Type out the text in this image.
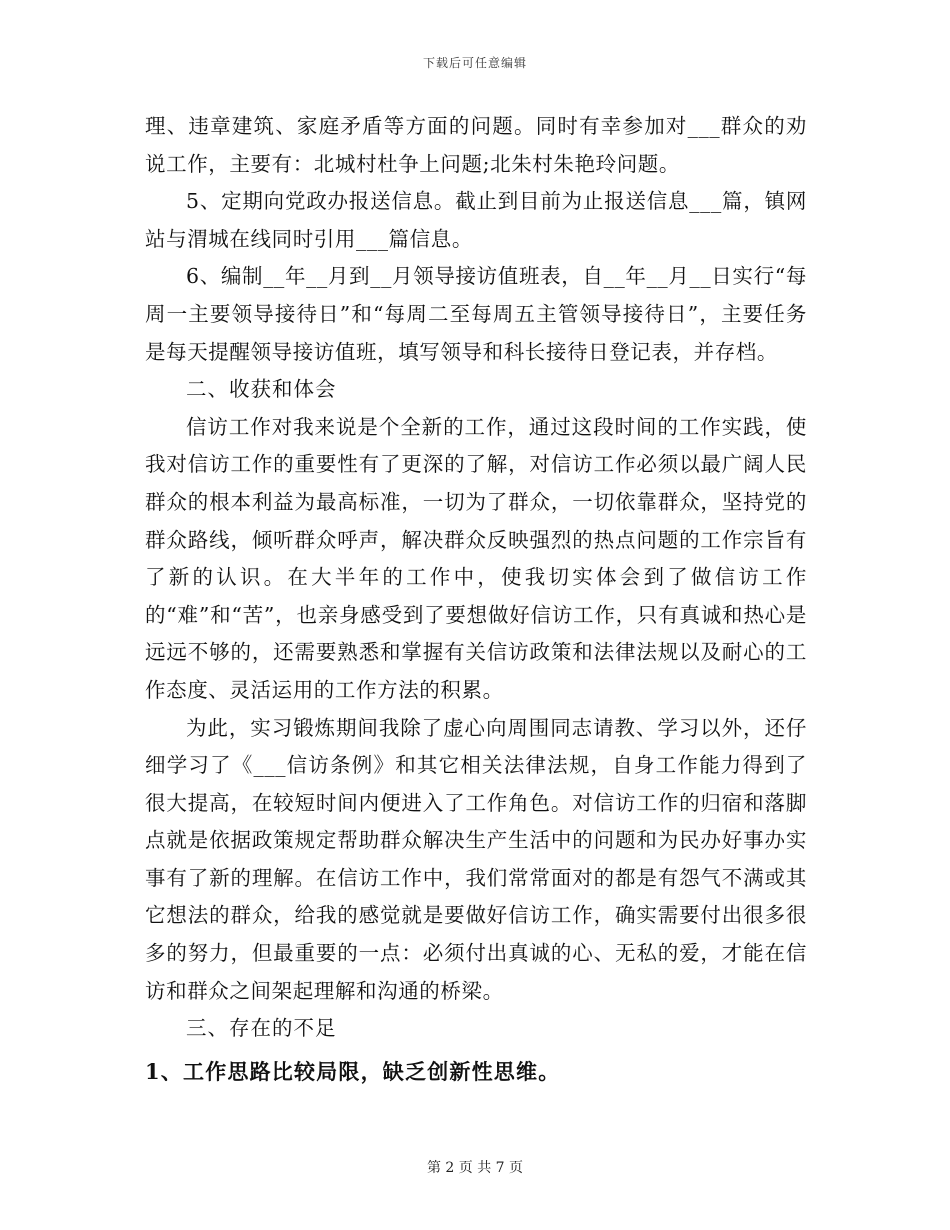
下载后可任意编辑

理、违章建筑、家庭矛盾等方面的问题。同时有幸参加对___群众的劝说工作，主要有：北城村杜争上问题;北朱村朱艳玲问题。

5、定期向党政办报送信息。截止到目前为止报送信息___篇，镇网站与渭城在线同时引用___篇信息。

6、编制__年__月到__月领导接访值班表，自__年__月__日实行“每周一主要领导接待日”和“每周二至每周五主管领导接待日”，主要任务是每天提醒领导接访值班，填写领导和科长接待日登记表，并存档。

二、收获和体会

信访工作对我来说是个全新的工作，通过这段时间的工作实践，使我对信访工作的重要性有了更深的了解，对信访工作必须以最广阔人民群众的根本利益为最高标准，一切为了群众，一切依靠群众，坚持党的群众路线，倾听群众呼声，解决群众反映强烈的热点问题的工作宗旨有了新的认识。在大半年的工作中，使我切实体会到了做信访工作的“难”和“苦”，也亲身感受到了要想做好信访工作，只有真诚和热心是远远不够的，还需要熟悉和掌握有关信访政策和法律法规以及耐心的工作态度、灵活运用的工作方法的积累。

为此，实习锻炼期间我除了虚心向周围同志请教、学习以外，还仔细学习了《___信访条例》和其它相关法律法规，自身工作能力得到了很大提高，在较短时间内便进入了工作角色。对信访工作的归宿和落脚点就是依据政策规定帮助群众解决生产生活中的问题和为民办好事办实事有了新的理解。在信访工作中，我们常常面对的都是有怨气不满或其它想法的群众，给我的感觉就是要做好信访工作，确实需要付出很多很多的努力，但最重要的一点：必须付出真诚的心、无私的爱，才能在信访和群众之间架起理解和沟通的桥梁。

三、存在的不足

1、工作思路比较局限，缺乏创新性思维。

第 2 页 共 7 页
